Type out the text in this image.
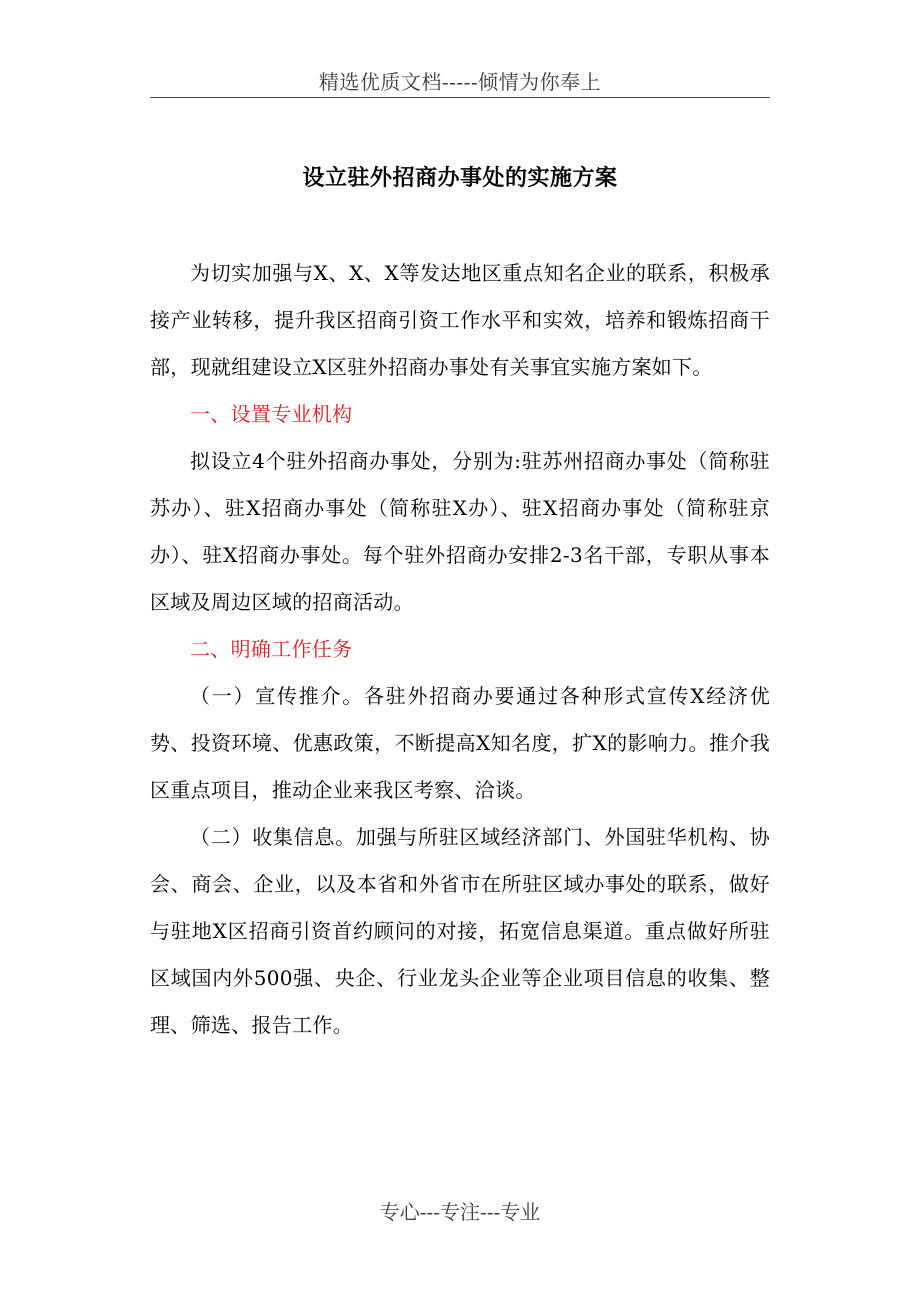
精选优质文档-----倾情为你奉上
设立驻外招商办事处的实施方案

为切实加强与X、X、X等发达地区重点知名企业的联系，积极承接产业转移，提升我区招商引资工作水平和实效，培养和锻炼招商干部，现就组建设立X区驻外招商办事处有关事宜实施方案如下。

一、设置专业机构

拟设立4个驻外招商办事处，分别为:驻苏州招商办事处（简称驻苏办）、驻X招商办事处（简称驻X办）、驻X招商办事处（简称驻京办）、驻X招商办事处。每个驻外招商办安排2-3名干部，专职从事本区域及周边区域的招商活动。

二、明确工作任务

（一）宣传推介。各驻外招商办要通过各种形式宣传X经济优势、投资环境、优惠政策，不断提高X知名度，扩X的影响力。推介我区重点项目，推动企业来我区考察、洽谈。

（二）收集信息。加强与所驻区域经济部门、外国驻华机构、协会、商会、企业，以及本省和外省市在所驻区域办事处的联系，做好与驻地X区招商引资首约顾问的对接，拓宽信息渠道。重点做好所驻区域国内外500强、央企、行业龙头企业等企业项目信息的收集、整理、筛选、报告工作。

专心---专注---专业
